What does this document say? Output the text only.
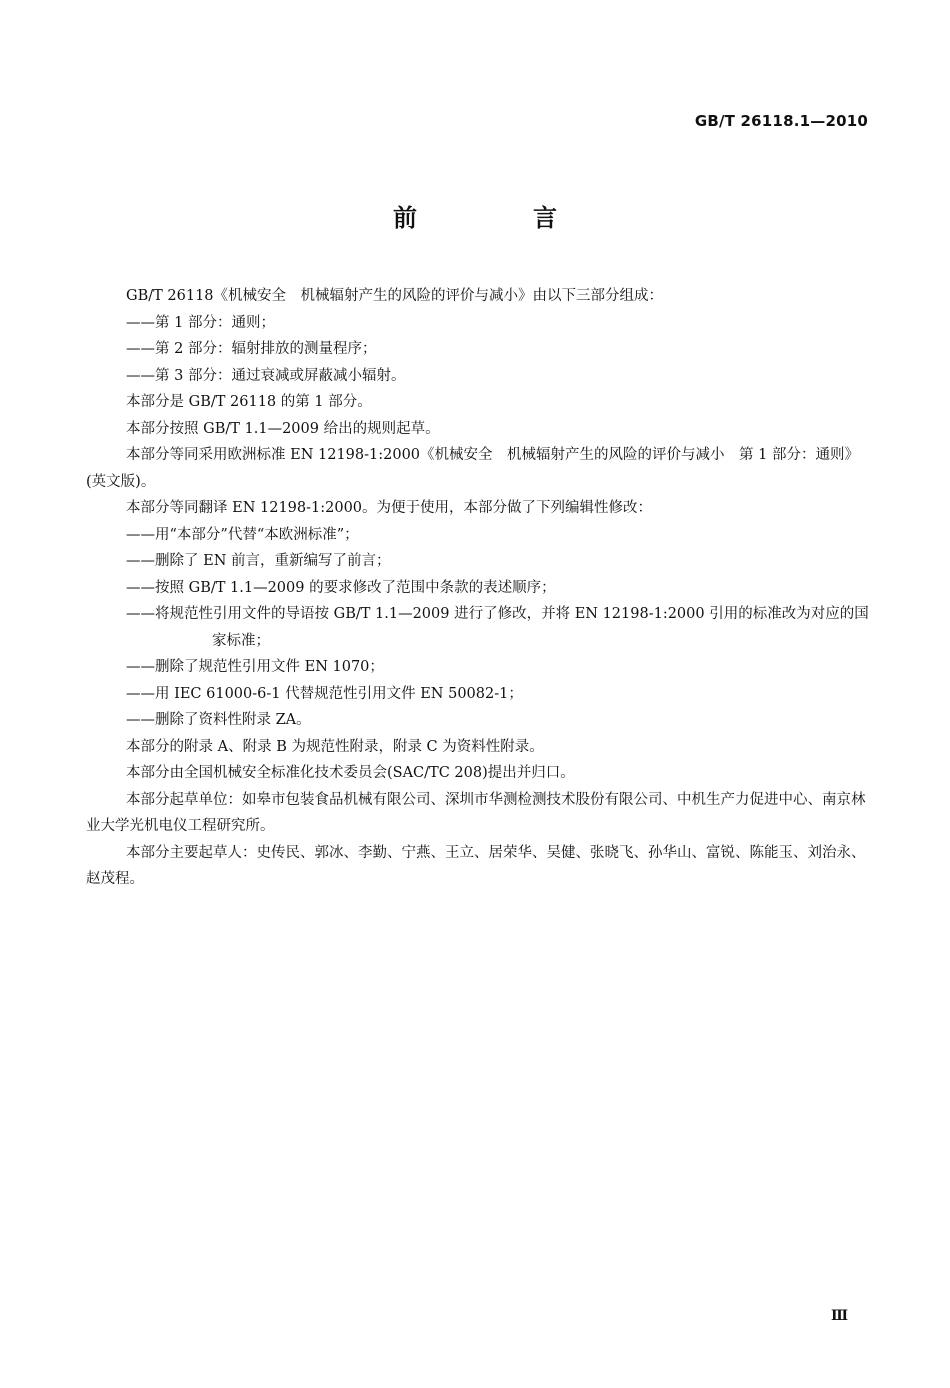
GB/T 26118.1—2010
前　言

GB/T 26118《机械安全　机械辐射产生的风险的评价与减小》由以下三部分组成：

——第 1 部分：通则；

——第 2 部分：辐射排放的测量程序；

——第 3 部分：通过衰减或屏蔽减小辐射。

本部分是 GB/T 26118 的第 1 部分。

本部分按照 GB/T 1.1—2009 给出的规则起草。

本部分等同采用欧洲标准 EN 12198-1:2000《机械安全　机械辐射产生的风险的评价与减小　第 1 部分：通则》(英文版)。

本部分等同翻译 EN 12198-1:2000。为便于使用，本部分做了下列编辑性修改：

——用“本部分”代替“本欧洲标准”；

——删除了 EN 前言，重新编写了前言；

——按照 GB/T 1.1—2009 的要求修改了范围中条款的表述顺序；

——将规范性引用文件的导语按 GB/T 1.1—2009 进行了修改，并将 EN 12198-1:2000 引用的标准改为对应的国家标准；

——删除了规范性引用文件 EN 1070；

——用 IEC 61000-6-1 代替规范性引用文件 EN 50082-1；

——删除了资料性附录 ZA。

本部分的附录 A、附录 B 为规范性附录，附录 C 为资料性附录。

本部分由全国机械安全标准化技术委员会(SAC/TC 208)提出并归口。

本部分起草单位：如皋市包装食品机械有限公司、深圳市华测检测技术股份有限公司、中机生产力促进中心、南京林业大学光机电仪工程研究所。

本部分主要起草人：史传民、郭冰、李勤、宁燕、王立、居荣华、吴健、张晓飞、孙华山、富锐、陈能玉、刘治永、赵茂程。

Ⅲ
